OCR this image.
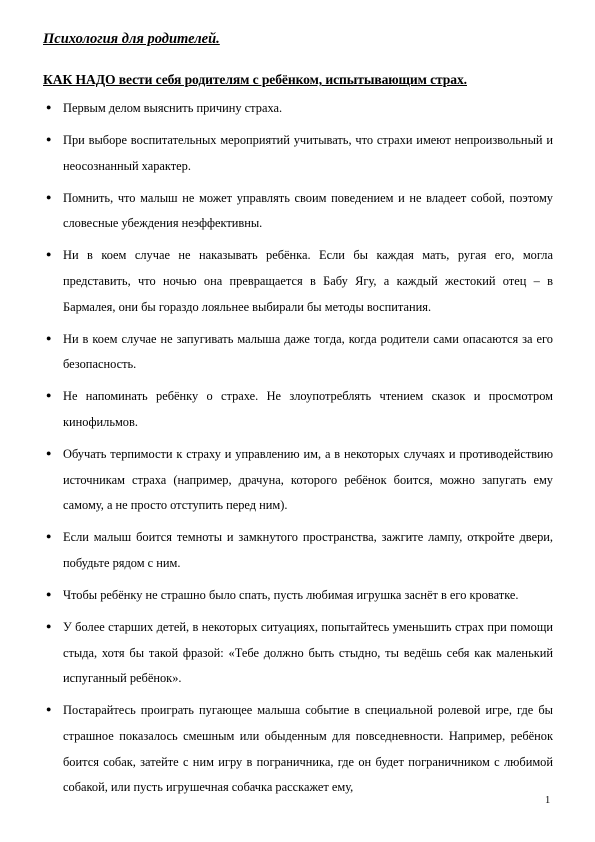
Психология для родителей.
КАК НАДО вести себя родителям с ребёнком, испытывающим страх.
● Первым делом выяснить причину страха.
● При выборе воспитательных мероприятий учитывать, что страхи имеют непроизвольный и неосознанный характер.
● Помнить, что малыш не может управлять своим поведением и не владеет собой, поэтому словесные убеждения неэффективны.
● Ни в коем случае не наказывать ребёнка. Если бы каждая мать, ругая его, могла представить, что ночью она превращается в Бабу Ягу, а каждый жестокий отец – в Бармалея, они бы гораздо лояльнее выбирали бы методы воспитания.
● Ни в коем случае не запугивать малыша даже тогда, когда родители сами опасаются за его безопасность.
● Не напоминать ребёнку о страхе. Не злоупотреблять чтением сказок и просмотром кинофильмов.
● Обучать терпимости к страху и управлению им, а в некоторых случаях и противодействию источникам страха (например, драчуна, которого ребёнок боится, можно запугать ему самому, а не просто отступить перед ним).
● Если малыш боится темноты и замкнутого пространства, зажгите лампу, откройте двери, побудьте рядом с ним.
● Чтобы ребёнку не страшно было спать, пусть любимая игрушка заснёт в его кроватке.
● У более старших детей, в некоторых ситуациях, попытайтесь уменьшить страх при помощи стыда, хотя бы такой фразой: «Тебе должно быть стыдно, ты ведёшь себя как маленький испуганный ребёнок».
● Постарайтесь проиграть пугающее малыша событие в специальной ролевой игре, где бы страшное показалось смешным или обыденным для повседневности. Например, ребёнок боится собак, затейте с ним игру в пограничника, где он будет пограничником с любимой собакой, или пусть игрушечная собачка расскажет ему,
1
